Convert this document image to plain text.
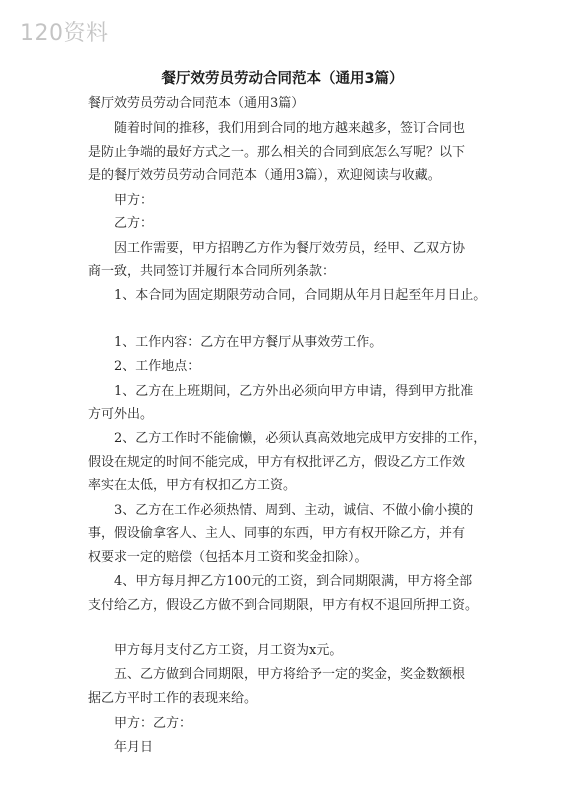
120资料
餐厅效劳员劳动合同范本（通用3篇）
餐厅效劳员劳动合同范本（通用3篇）
随着时间的推移，我们用到合同的地方越来越多，签订合同也
是防止争端的最好方式之一。那么相关的合同到底怎么写呢？以下
是的餐厅效劳员劳动合同范本（通用3篇），欢迎阅读与收藏。
甲方：
乙方：
因工作需要，甲方招聘乙方作为餐厅效劳员，经甲、乙双方协
商一致，共同签订并履行本合同所列条款：
1、本合同为固定期限劳动合同，合同期从年月日起至年月日止。
1、工作内容：乙方在甲方餐厅从事效劳工作。
2、工作地点：
1、乙方在上班期间，乙方外出必须向甲方申请，得到甲方批准
方可外出。
2、乙方工作时不能偷懒，必须认真高效地完成甲方安排的工作，
假设在规定的时间不能完成，甲方有权批评乙方，假设乙方工作效
率实在太低，甲方有权扣乙方工资。
3、乙方在工作必须热情、周到、主动，诚信、不做小偷小摸的
事，假设偷拿客人、主人、同事的东西，甲方有权开除乙方，并有
权要求一定的赔偿（包括本月工资和奖金扣除）。
4、甲方每月押乙方100元的工资，到合同期限满，甲方将全部
支付给乙方，假设乙方做不到合同期限，甲方有权不退回所押工资。
甲方每月支付乙方工资，月工资为x元。
五、乙方做到合同期限，甲方将给予一定的奖金，奖金数额根
据乙方平时工作的表现来给。
甲方：乙方：
年月日
